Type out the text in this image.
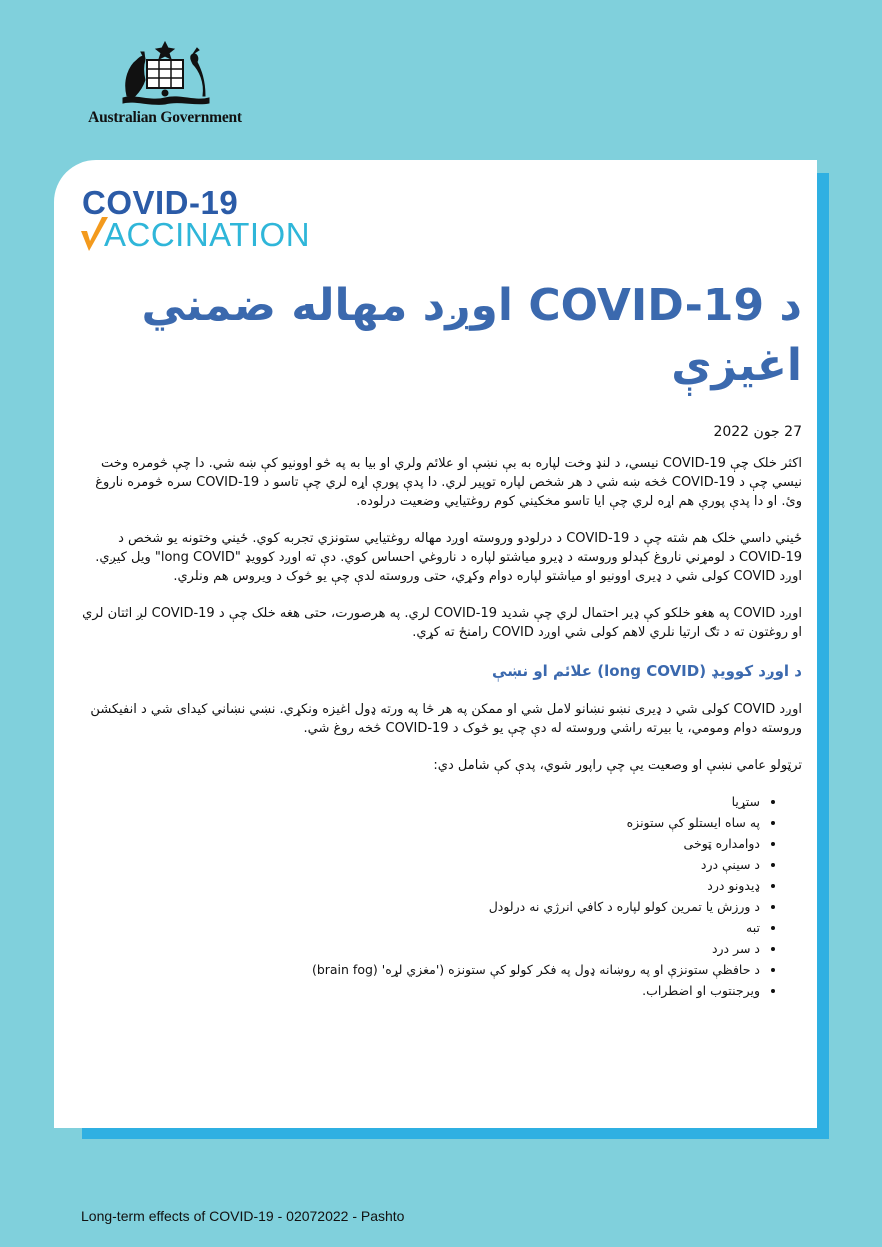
Australian Government
COVID-19
ACCINATION
د COVID-19 اوږد مهاله ضمني اغيزې
27 جون 2022

اکثر خلک چې COVID-19 نيسي، د لنډ وخت لپاره به بې نښې او علائم ولري او بیا به په څو اوونيو کې ښه شي. دا چې څومره وخت نيسي چې د COVID-19 څخه ښه شي د هر شخص لپاره توپير لري. دا پدې پورې اړه لري چې تاسو د COVID-19 سره څومره ناروغ وئ. او دا پدې پورې هم اړه لري چې ايا تاسو مخکيني کوم روغتيايي وضعيت درلوده.

ځيني داسي خلک هم شته چې د COVID-19 د درلودو وروسته اوږد مهاله روغتيايي ستونزي تجربه کوي. ځيني وختونه يو شخص د COVID-19 د لومړني ناروغ کېدلو وروسته د ډيرو مياشتو لپاره د ناروغي احساس کوي. دې ته اوږد کوويډ "long COVID" ويل کيږي. اوږد COVID کولی شي د ډيری اوونيو او مياشتو لپاره دوام وکړي، حتی وروسته لدې چې يو څوک د ويروس هم ونلري.

اوږد COVID په هغو خلکو کې ډير احتمال لري چې شديد COVID-19 لري. په هرصورت، حتی هغه خلک چې د COVID-19 لږ اثتان لري او روغتون ته د تګ ارتيا نلري لاهم کولی شي اوږد COVID رامنځ ته کړي.

د اوږد کوويډ (long COVID) علائم او نښې

اوږد COVID کولی شي د ډيری نښو نښانو لامل شي او ممکن په هر څا په ورته ډول اغيزه ونکړي. نښي نښاني کيدای شي د انفيکشن وروسته دوام ومومي، يا بيرته راشي وروسته له دې چې يو څوک د COVID-19 څخه روغ شي.

ترټولو عامي نښې او وصعيت يې چې راپور شوي، پدې کې شامل دي:

• ستړيا
• په ساه ايستلو کې ستونزه
• دوامداره ټوخی
• د سينې درد
• ډيدونو درد
• د ورزش يا تمرين کولو لپاره د کافي انرژي نه درلودل
• تبه
• د سر درد
• د حافظې ستونزې او په روښانه ډول په فکر کولو کې ستونزه ('مغزي لړه' (brain fog)
• ويرجنتوب او اضطراب.
Long-term effects of COVID-19 - 02072022 - Pashto
